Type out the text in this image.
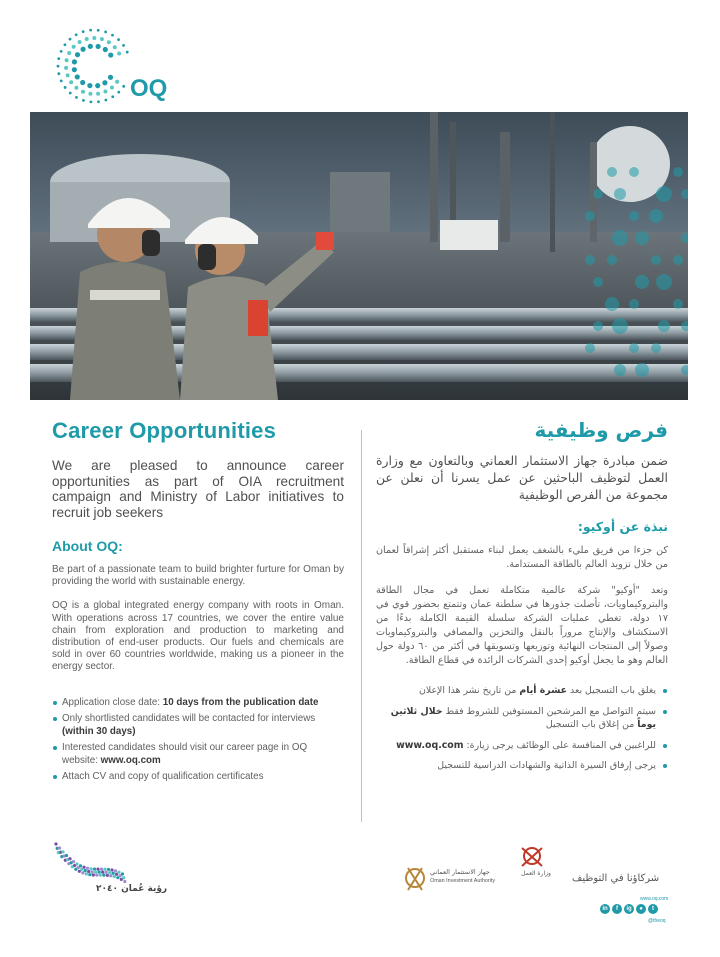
OQ
Career Opportunities

We are pleased to announce career opportunities as part of OIA recruitment campaign and Ministry of Labor initiatives to recruit job seekers

About OQ:

Be part of a passionate team to build brighter furture for Oman by providing the world with sustainable energy.

OQ is a global integrated energy company with roots in Oman. With operations across 17 countries, we cover the entire value chain from exploration and production to marketing and distribution of end-user products. Our fuels and chemicals are sold in over 60 countries worldwide, making us a pioneer in the energy sector.

Application close date: 10 days from the publication date
Only shortlisted candidates will be contacted for interviews (within 30 days)
Interested candidates should visit our career page in OQ website: www.oq.com
Attach CV and copy of qualification certificates
فرص وظيفية

ضمن مبادرة جهاز الاستثمار العماني وبالتعاون مع وزارة العمل لتوظيف الباحثين عن عمل يسرنا أن نعلن عن مجموعة من الفرص الوظيفية

نبذة عن أوكيو:

كن جزءا من فريق مليء بالشغف يعمل لبناء مستقبل أكثر إشراقاً لعمان من خلال تزويد العالم بالطاقة المستدامة.

وتعد "أوكيو" شركة عالمية متكاملة تعمل في مجال الطاقة والبتروكيماويات، تأصلت جذورها في سلطنة عمان وتتمتع بحضور قوي في ١٧ دولة، تغطي عمليات الشركة سلسلة القيمة الكاملة بدءًا من الاستكشاف والإنتاج مروراً بالنقل والتخزين والمصافي والبتروكيماويات وصولاً إلى المنتجات النهائية وتوزيعها وتسويقها في أكثر من ٦٠ دولة حول العالم وهو ما يجعل أوكيو إحدى الشركات الرائدة في قطاع الطاقة.

يغلق باب التسجيل بعد عشرة أيام من تاريخ نشر هذا الإعلان
سيتم التواصل مع المرشحين المستوفين للشروط فقط خلال ثلاثين يوماً من إغلاق باب التسجيل
للراغبين في المنافسة على الوظائف يرجى زيارة: www.oq.com
يرجى إرفاق السيرة الذاتية والشهادات الدراسية للتسجيل
رؤية عُمان ٢٠٤٠
جهاز الاستثمار العماني
Oman Investment Authority
وزارة العمل	شركاؤنا في التوظيف
www.oq.com
in	f	ig	●	t
@theoq
